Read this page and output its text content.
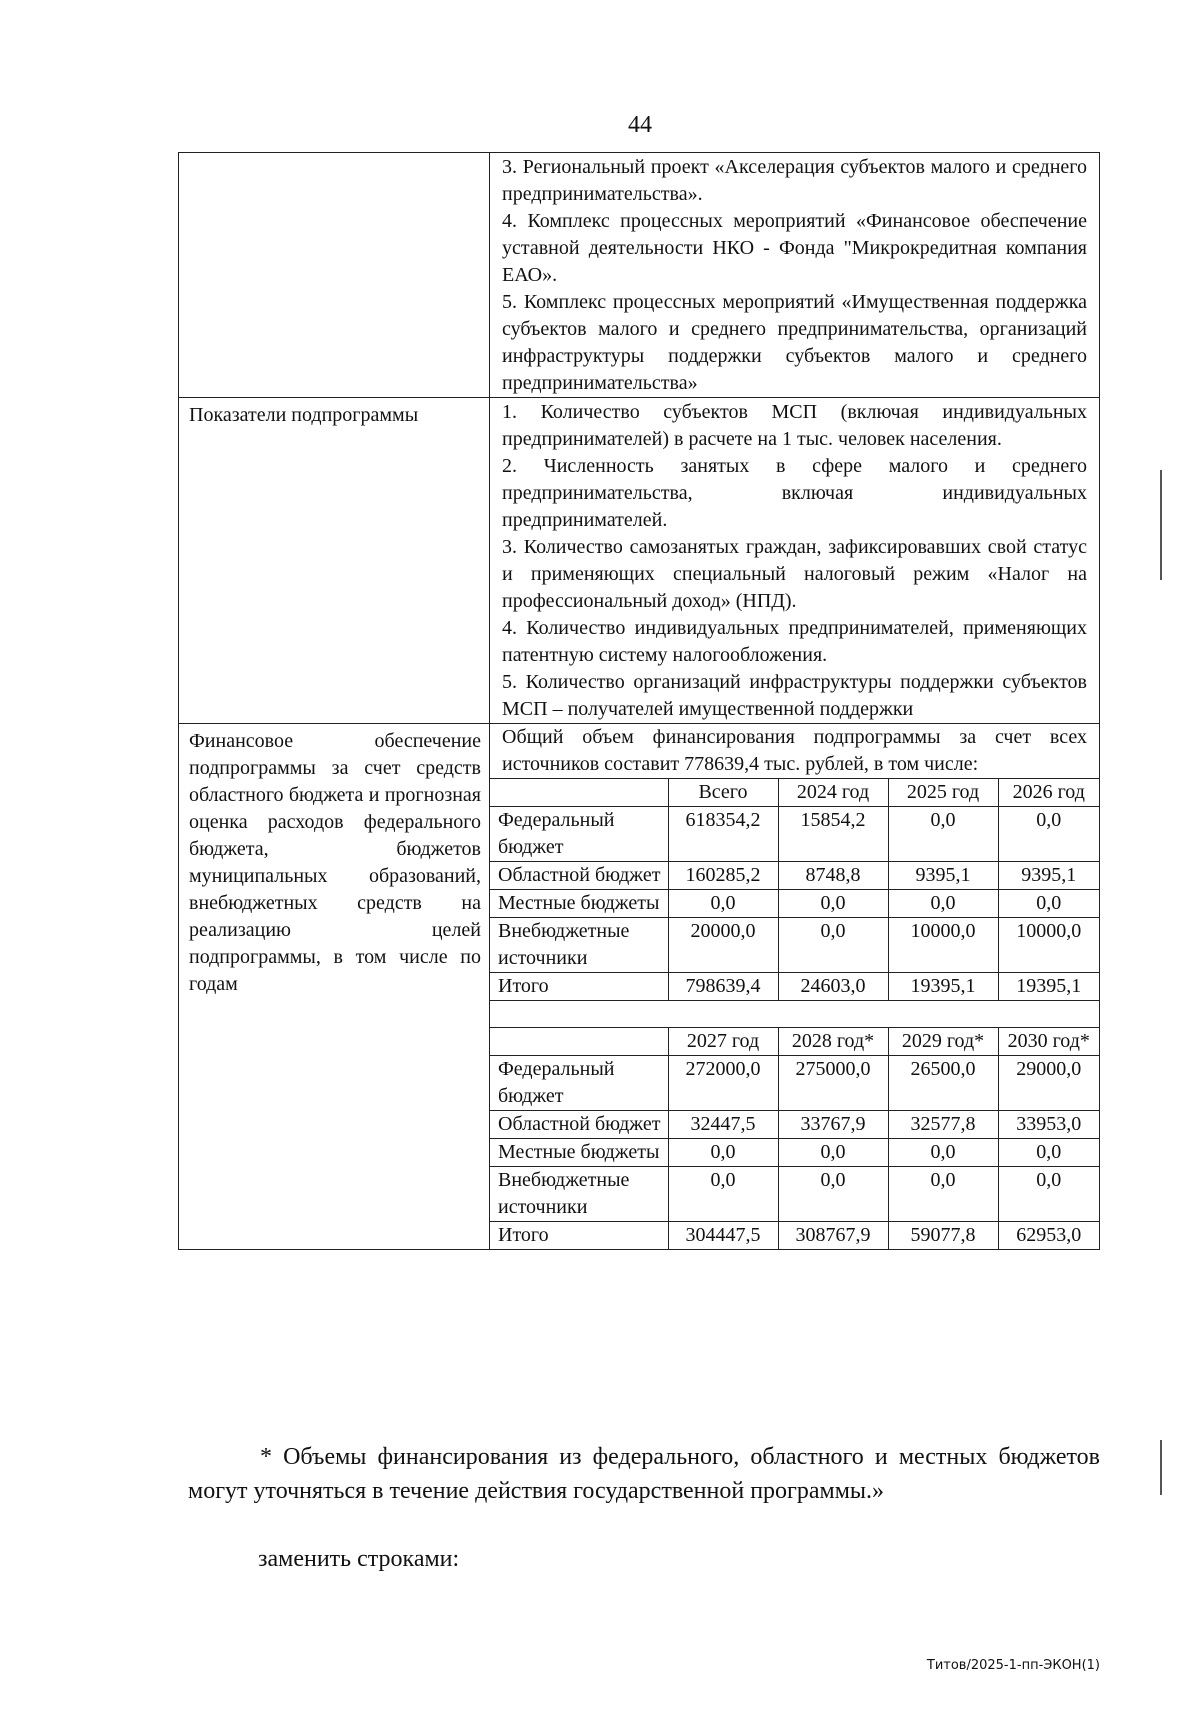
44

3. Региональный проект «Акселерация субъектов малого и среднего предпринимательства».

4. Комплекс процессных мероприятий «Финансовое обеспечение уставной деятельности НКО - Фонда "Микрокредитная компания ЕАО».

5. Комплекс процессных мероприятий «Имущественная поддержка субъектов малого и среднего предпринимательства, организаций инфраструктуры поддержки субъектов малого и среднего предпринимательства»

Показатели подпрограммы	1. Количество субъектов МСП (включая индивидуальных предпринимателей) в расчете на 1 тыс. человек населения.

2. Численность занятых в сфере малого и среднего предпринимательства, включая индивидуальных предпринимателей.

3. Количество самозанятых граждан, зафиксировавших свой статус и применяющих специальный налоговый режим «Налог на профессиональный доход» (НПД).

4. Количество индивидуальных предпринимателей, применяющих патентную систему налогообложения.

5. Количество организаций инфраструктуры поддержки субъектов МСП – получателей имущественной поддержки

Финансовое обеспечение подпрограммы за счет средств областного бюджета и прогнозная оценка расходов федерального бюджета, бюджетов муниципальных образований, внебюджетных средств на реализацию целей подпрограммы, в том числе по годам	
Общий объем финансирования подпрограммы за счет всех источников составит 778639,4 тыс. рублей, в том числе:
	Всего	2024 год	2025 год	2026 год
Федеральный бюджет	618354,2	15854,2	0,0	0,0
Областной бюджет	160285,2	8748,8	9395,1	9395,1
Местные бюджеты	0,0	0,0	0,0	0,0
Внебюджетные источники	20000,0	0,0	10000,0	10000,0
Итого	798639,4	24603,0	19395,1	19395,1

	2027 год	2028 год*	2029 год*	2030 год*
Федеральный бюджет	272000,0	275000,0	26500,0	29000,0
Областной бюджет	32447,5	33767,9	32577,8	33953,0
Местные бюджеты	0,0	0,0	0,0	0,0
Внебюджетные источники	0,0	0,0	0,0	0,0
Итого	304447,5	308767,9	59077,8	62953,0

* Объемы финансирования из федерального, областного и местных бюджетов могут уточняться в течение действия государственной программы.»

заменить строками:
Титов/2025-1-пп-ЭКОН(1)
